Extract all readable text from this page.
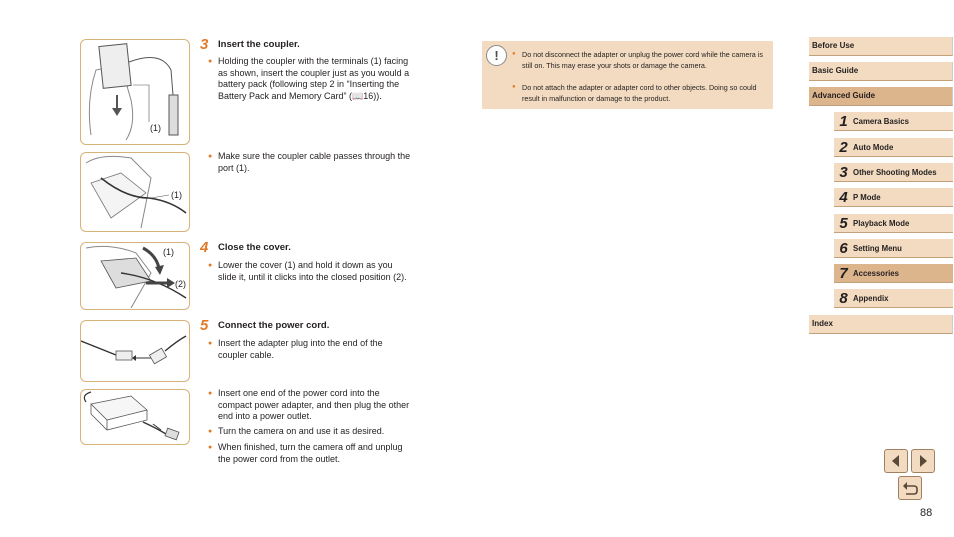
(1)
(1)
(1)
(2)
3	Insert the coupler.
● Holding the coupler with the terminals (1) facing as shown, insert the coupler just as you would a battery pack (following step 2 in “Inserting the Battery Pack and Memory Card” (📖16)).
● Make sure the coupler cable passes through the port (1).
4	Close the cover.
● Lower the cover (1) and hold it down as you slide it, until it clicks into the closed position (2).
5	Connect the power cord.
● Insert the adapter plug into the end of the coupler cable.
● Insert one end of the power cord into the compact power adapter, and then plug the other end into a power outlet.
● Turn the camera on and use it as desired.
● When finished, turn the camera off and unplug the power cord from the outlet.
!
●	Do not disconnect the adapter or unplug the power cord while the camera is still on. This may erase your shots or damage the camera.
● Do not attach the adapter or adapter cord to other objects. Doing so could result in malfunction or damage to the product.
Before Use
Basic Guide
Advanced Guide
1 Camera Basics
2 Auto Mode
3 Other Shooting Modes
4 P Mode
5 Playback Mode
6 Setting Menu
7 Accessories
8 Appendix
Index
88
